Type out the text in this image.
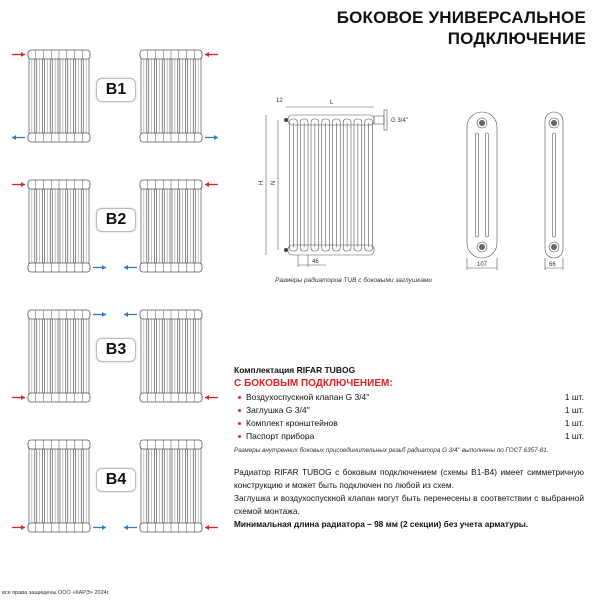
БОКОВОЕ УНИВЕРСАЛЬНОЕ
ПОДКЛЮЧЕНИЕ
B1
B2
B3
B4
L
12
H N
46
G 3/4''
107	66
Размеры радиаторов TUB с боковыми заглушками
Комплектация RIFAR TUBOG
С БОКОВЫМ ПОДКЛЮЧЕНИЕМ:
Воздухоспускной клапан G 3/4''	1 шт.
Заглушка G 3/4''	1 шт.
Комплект кронштейнов	1 шт.
Паспорт прибора	1 шт.
Размеры внутренних боковых присоединительных резьб радиатора G 3/4'' выполнены по ГОСТ 6357-81.
Радиатор RIFAR TUBOG с боковым подключением (схемы B1-B4) имеет симметричную конструкцию и может быть подключен по любой из схем.
Заглушка и воздухоспускной клапан могут быть перенесены в соответствии с выбранной схемой монтажа.
Минимальная длина радиатора – 98 мм (2 секции) без учета арматуры.
все права защищены ООО «КАРЭ» 2024г.
